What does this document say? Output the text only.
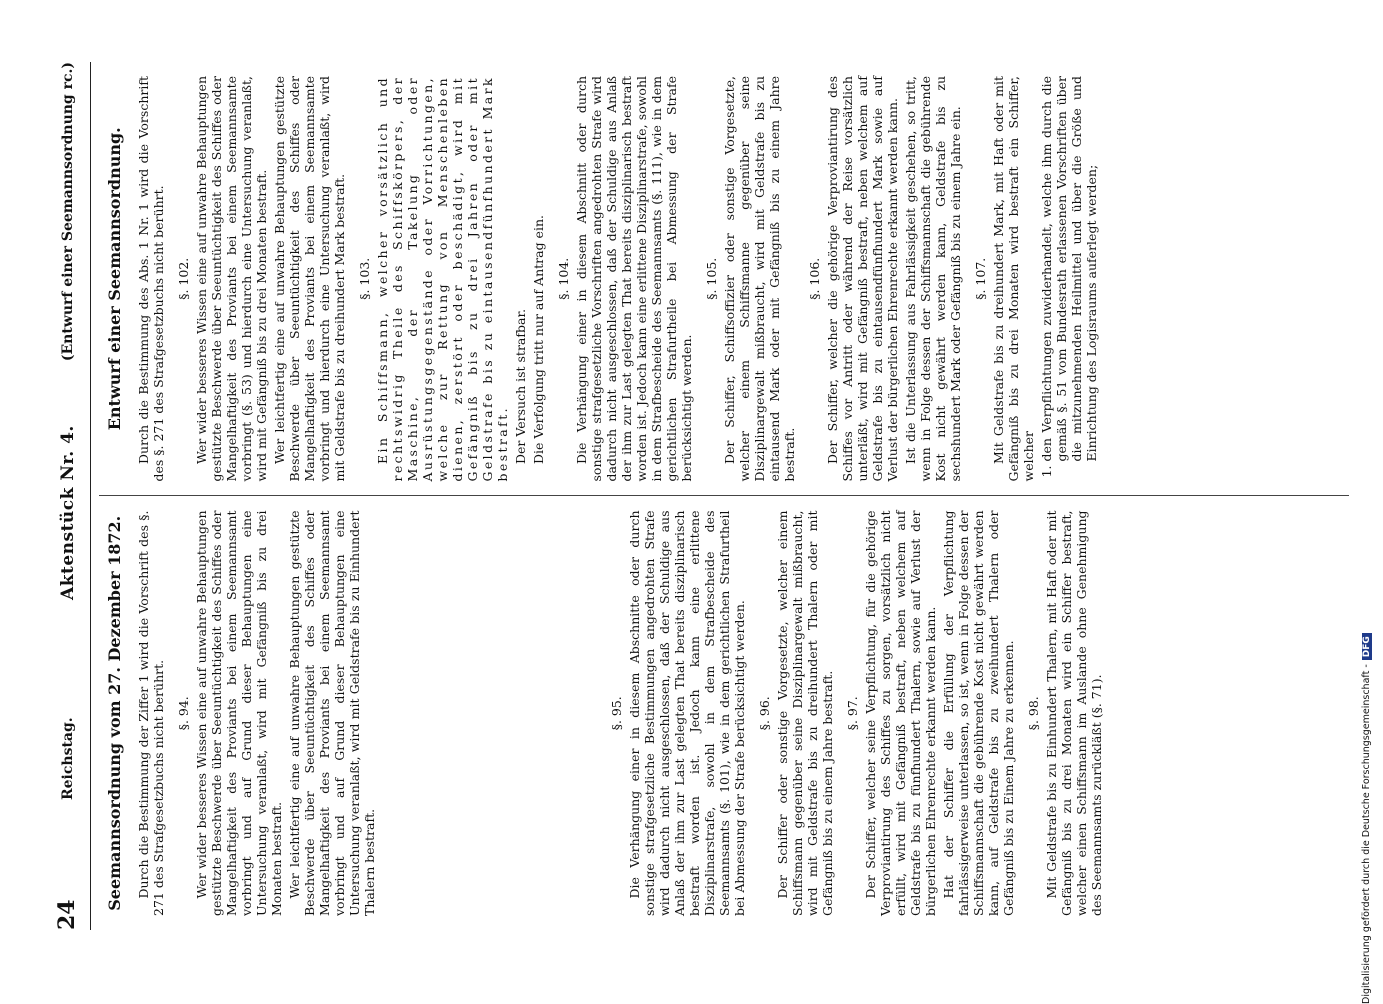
24
Reichstag.
Aktenstück Nr. 4.
(Entwurf einer Seemannsordnung rc.)
Seemannsordnung vom 27. Dezember 1872. Durch die Bestimmung der Ziffer 1 wird die Vorschrift des §. 271 des Strafgesetzbuchs nicht berührt. §. 94. Wer wider besseres Wissen eine auf unwahre Behauptungen gestützte Beschwerde über Seeuntüchtigkeit des Schiffes oder Mangelhaftigkeit des Proviants bei einem Seemannsamt vorbringt und auf Grund dieser Behauptungen eine Untersuchung veranlaßt, wird mit Gefängniß bis zu drei Monaten bestraft. Wer leichtfertig eine auf unwahre Behauptungen gestützte Beschwerde über Seeuntüchtigkeit des Schiffes oder Mangelhaftigkeit des Proviants bei einem Seemannsamt vorbringt und auf Grund dieser Behauptungen eine Untersuchung veranlaßt, wird mit Geldstrafe bis zu Einhundert Thalern bestraft.

§. 95. Die Verhängung einer in diesem Abschnitte oder durch sonstige strafgesetzliche Bestimmungen angedrohten Strafe wird dadurch nicht ausgeschlossen, daß der Schuldige aus Anlaß der ihm zur Last gelegten That bereits disziplinarisch bestraft worden ist. Jedoch kann eine erlittene Disziplinarstrafe, sowohl in dem Strafbescheide des Seemannsamts (§. 101), wie in dem gerichtlichen Strafurtheil bei Abmessung der Strafe berücksichtigt werden. §. 96. Der Schiffer oder sonstige Vorgesetzte, welcher einem Schiffsmann gegenüber seine Disziplinargewalt mißbraucht, wird mit Geldstrafe bis zu dreihundert Thalern oder mit Gefängniß bis zu einem Jahre bestraft. §. 97. Der Schiffer, welcher seine Verpflichtung, für die gehörige Verproviantirung des Schiffes zu sorgen, vorsätzlich nicht erfüllt, wird mit Gefängniß bestraft, neben welchem auf Geldstrafe bis zu fünfhundert Thalern, sowie auf Verlust der bürgerlichen Ehrenrechte erkannt werden kann. Hat der Schiffer die Erfüllung der Verpflichtung fahrlässigerweise unterlassen, so ist, wenn in Folge dessen der Schiffsmannschaft die gebührende Kost nicht gewährt werden kann, auf Geldstrafe bis zu zweihundert Thalern oder Gefängniß bis zu Einem Jahre zu erkennen. §. 98. Mit Geldstrafe bis zu Einhundert Thalern, mit Haft oder mit Gefängniß bis zu drei Monaten wird ein Schiffer bestraft, welcher einen Schiffsmann im Auslande ohne Genehmigung des Seemannsamts zurückläßt (§. 71).

Entwurf einer Seemannsordnung. Durch die Bestimmung des Abs. 1 Nr. 1 wird die Vorschrift des §. 271 des Strafgesetzbuchs nicht berührt. §. 102. Wer wider besseres Wissen eine auf unwahre Behauptungen gestützte Beschwerde über Seeuntüchtigkeit des Schiffes oder Mangelhaftigkeit des Proviants bei einem Seemannsamte vorbringt (§. 53) und hierdurch eine Untersuchung veranlaßt, wird mit Gefängniß bis zu drei Monaten bestraft. Wer leichtfertig eine auf unwahre Behauptungen gestützte Beschwerde über Seeuntüchtigkeit des Schiffes oder Mangelhaftigkeit des Proviants bei einem Seemannsamte vorbringt und hierdurch eine Untersuchung veranlaßt, wird mit Geldstrafe bis zu dreihundert Mark bestraft. §. 103. Ein Schiffsmann, welcher vorsätzlich und rechtswidrig Theile des Schiffskörpers, der Maschine, der Takelung oder Ausrüstungsgegenstände oder Vorrichtungen, welche zur Rettung von Menschenleben dienen, zerstört oder beschädigt, wird mit Gefängniß bis zu drei Jahren oder mit Geldstrafe bis zu eintausendfünfhundert Mark bestraft. Der Versuch ist strafbar. Die Verfolgung tritt nur auf Antrag ein. §. 104. Die Verhängung einer in diesem Abschnitt oder durch sonstige strafgesetzliche Vorschriften angedrohten Strafe wird dadurch nicht ausgeschlossen, daß der Schuldige aus Anlaß der ihm zur Last gelegten That bereits disziplinarisch bestraft worden ist. Jedoch kann eine erlittene Disziplinarstrafe, sowohl in dem Strafbescheide des Seemannsamts (§. 111), wie in dem gerichtlichen Strafurtheile bei Abmessung der Strafe berücksichtigt werden.

§. 105. Der Schiffer, Schiffsoffizier oder sonstige Vorgesetzte, welcher einem Schiffsmanne gegenüber seine Disziplinargewalt mißbraucht, wird mit Geldstrafe bis zu eintausend Mark oder mit Gefängniß bis zu einem Jahre bestraft.

§. 106. Der Schiffer, welcher die gehörige Verproviantirung des Schiffes vor Antritt oder während der Reise vorsätzlich unterläßt, wird mit Gefängniß bestraft, neben welchem auf Geldstrafe bis zu eintausendfünfhundert Mark sowie auf Verlust der bürgerlichen Ehrenrechte erkannt werden kann. Ist die Unterlassung aus Fahrlässigkeit geschehen, so tritt, wenn in Folge dessen der Schiffsmannschaft die gebührende Kost nicht gewährt werden kann, Geldstrafe bis zu sechshundert Mark oder Gefängniß bis zu einem Jahre ein. §. 107. Mit Geldstrafe bis zu dreihundert Mark, mit Haft oder mit Gefängniß bis zu drei Monaten wird bestraft ein Schiffer, welcher

1. den Verpflichtungen zuwiderhandelt, welche ihm durch die gemäß §. 51 vom Bundesrath erlassenen Vorschriften über die mitzunehmenden Heilmittel und über die Größe und Einrichtung des Logisraums auferlegt werden;
Digitalisierung gefördert durch die Deutsche Forschungsgemeinschaft -DFG
